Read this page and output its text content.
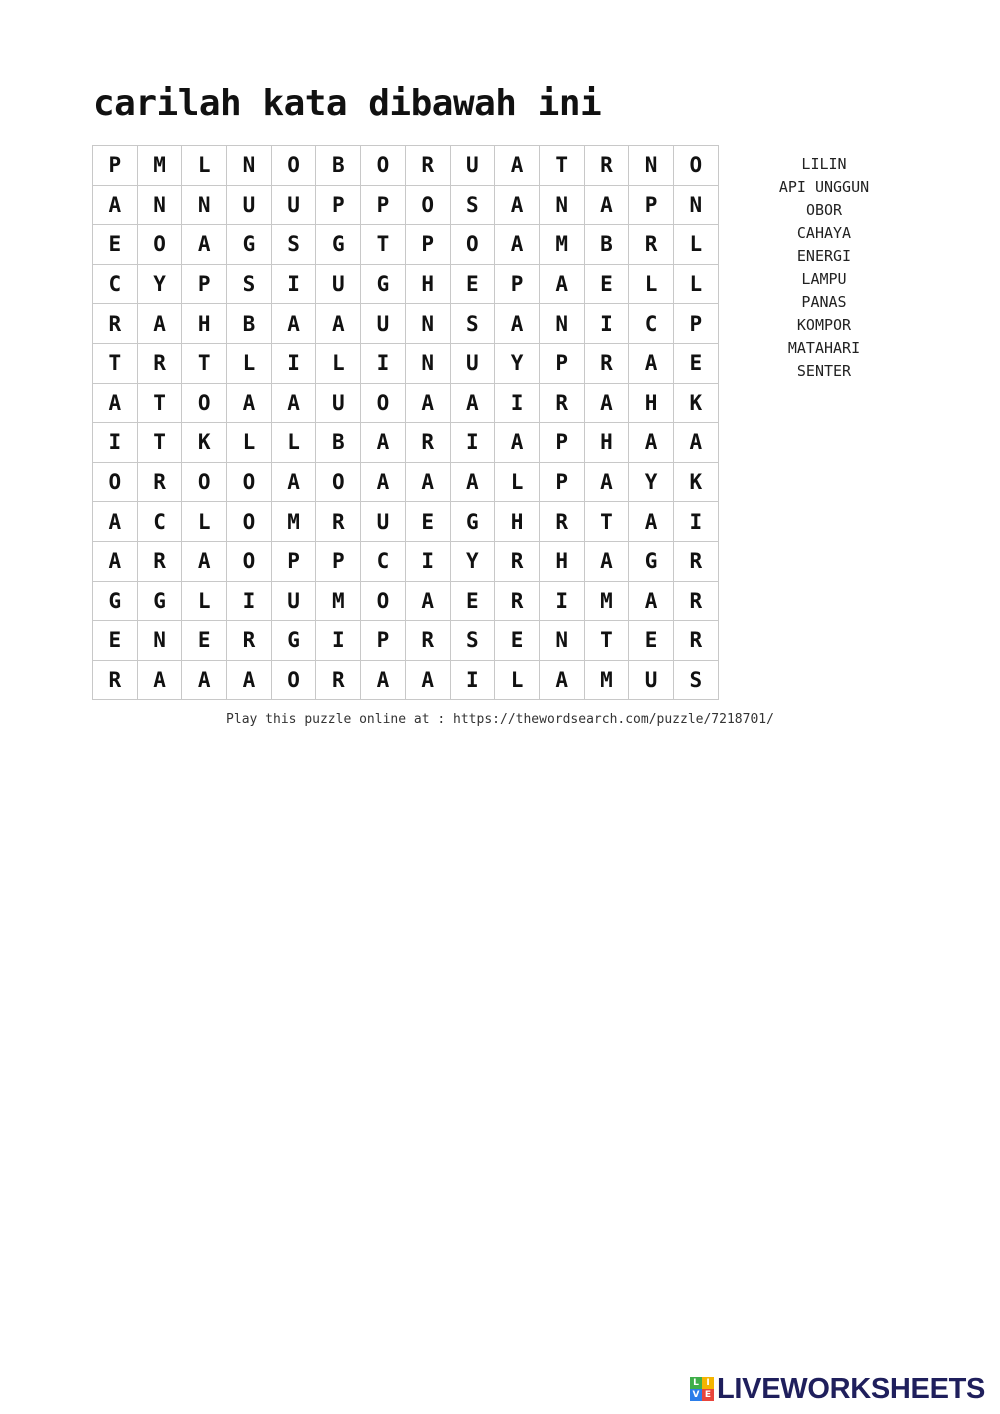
carilah kata dibawah ini
P	M	L	N	O	B	O	R	U	A	T	R	N	O
A	N	N	U	U	P	P	O	S	A	N	A	P	N
E	O	A	G	S	G	T	P	O	A	M	B	R	L
C	Y	P	S	I	U	G	H	E	P	A	E	L	L
R	A	H	B	A	A	U	N	S	A	N	I	C	P
T	R	T	L	I	L	I	N	U	Y	P	R	A	E
A	T	O	A	A	U	O	A	A	I	R	A	H	K
I	T	K	L	L	B	A	R	I	A	P	H	A	A
O	R	O	O	A	O	A	A	A	L	P	A	Y	K
A	C	L	O	M	R	U	E	G	H	R	T	A	I
A	R	A	O	P	P	C	I	Y	R	H	A	G	R
G	G	L	I	U	M	O	A	E	R	I	M	A	R
E	N	E	R	G	I	P	R	S	E	N	T	E	R
R	A	A	A	O	R	A	A	I	L	A	M	U	S
LILIN
API UNGGUN
OBOR
CAHAYA
ENERGI
LAMPU
PANAS
KOMPOR
MATAHARI
SENTER
Play this puzzle online at : https://thewordsearch.com/puzzle/7218701/
L I
V E LIVEWORKSHEETS
